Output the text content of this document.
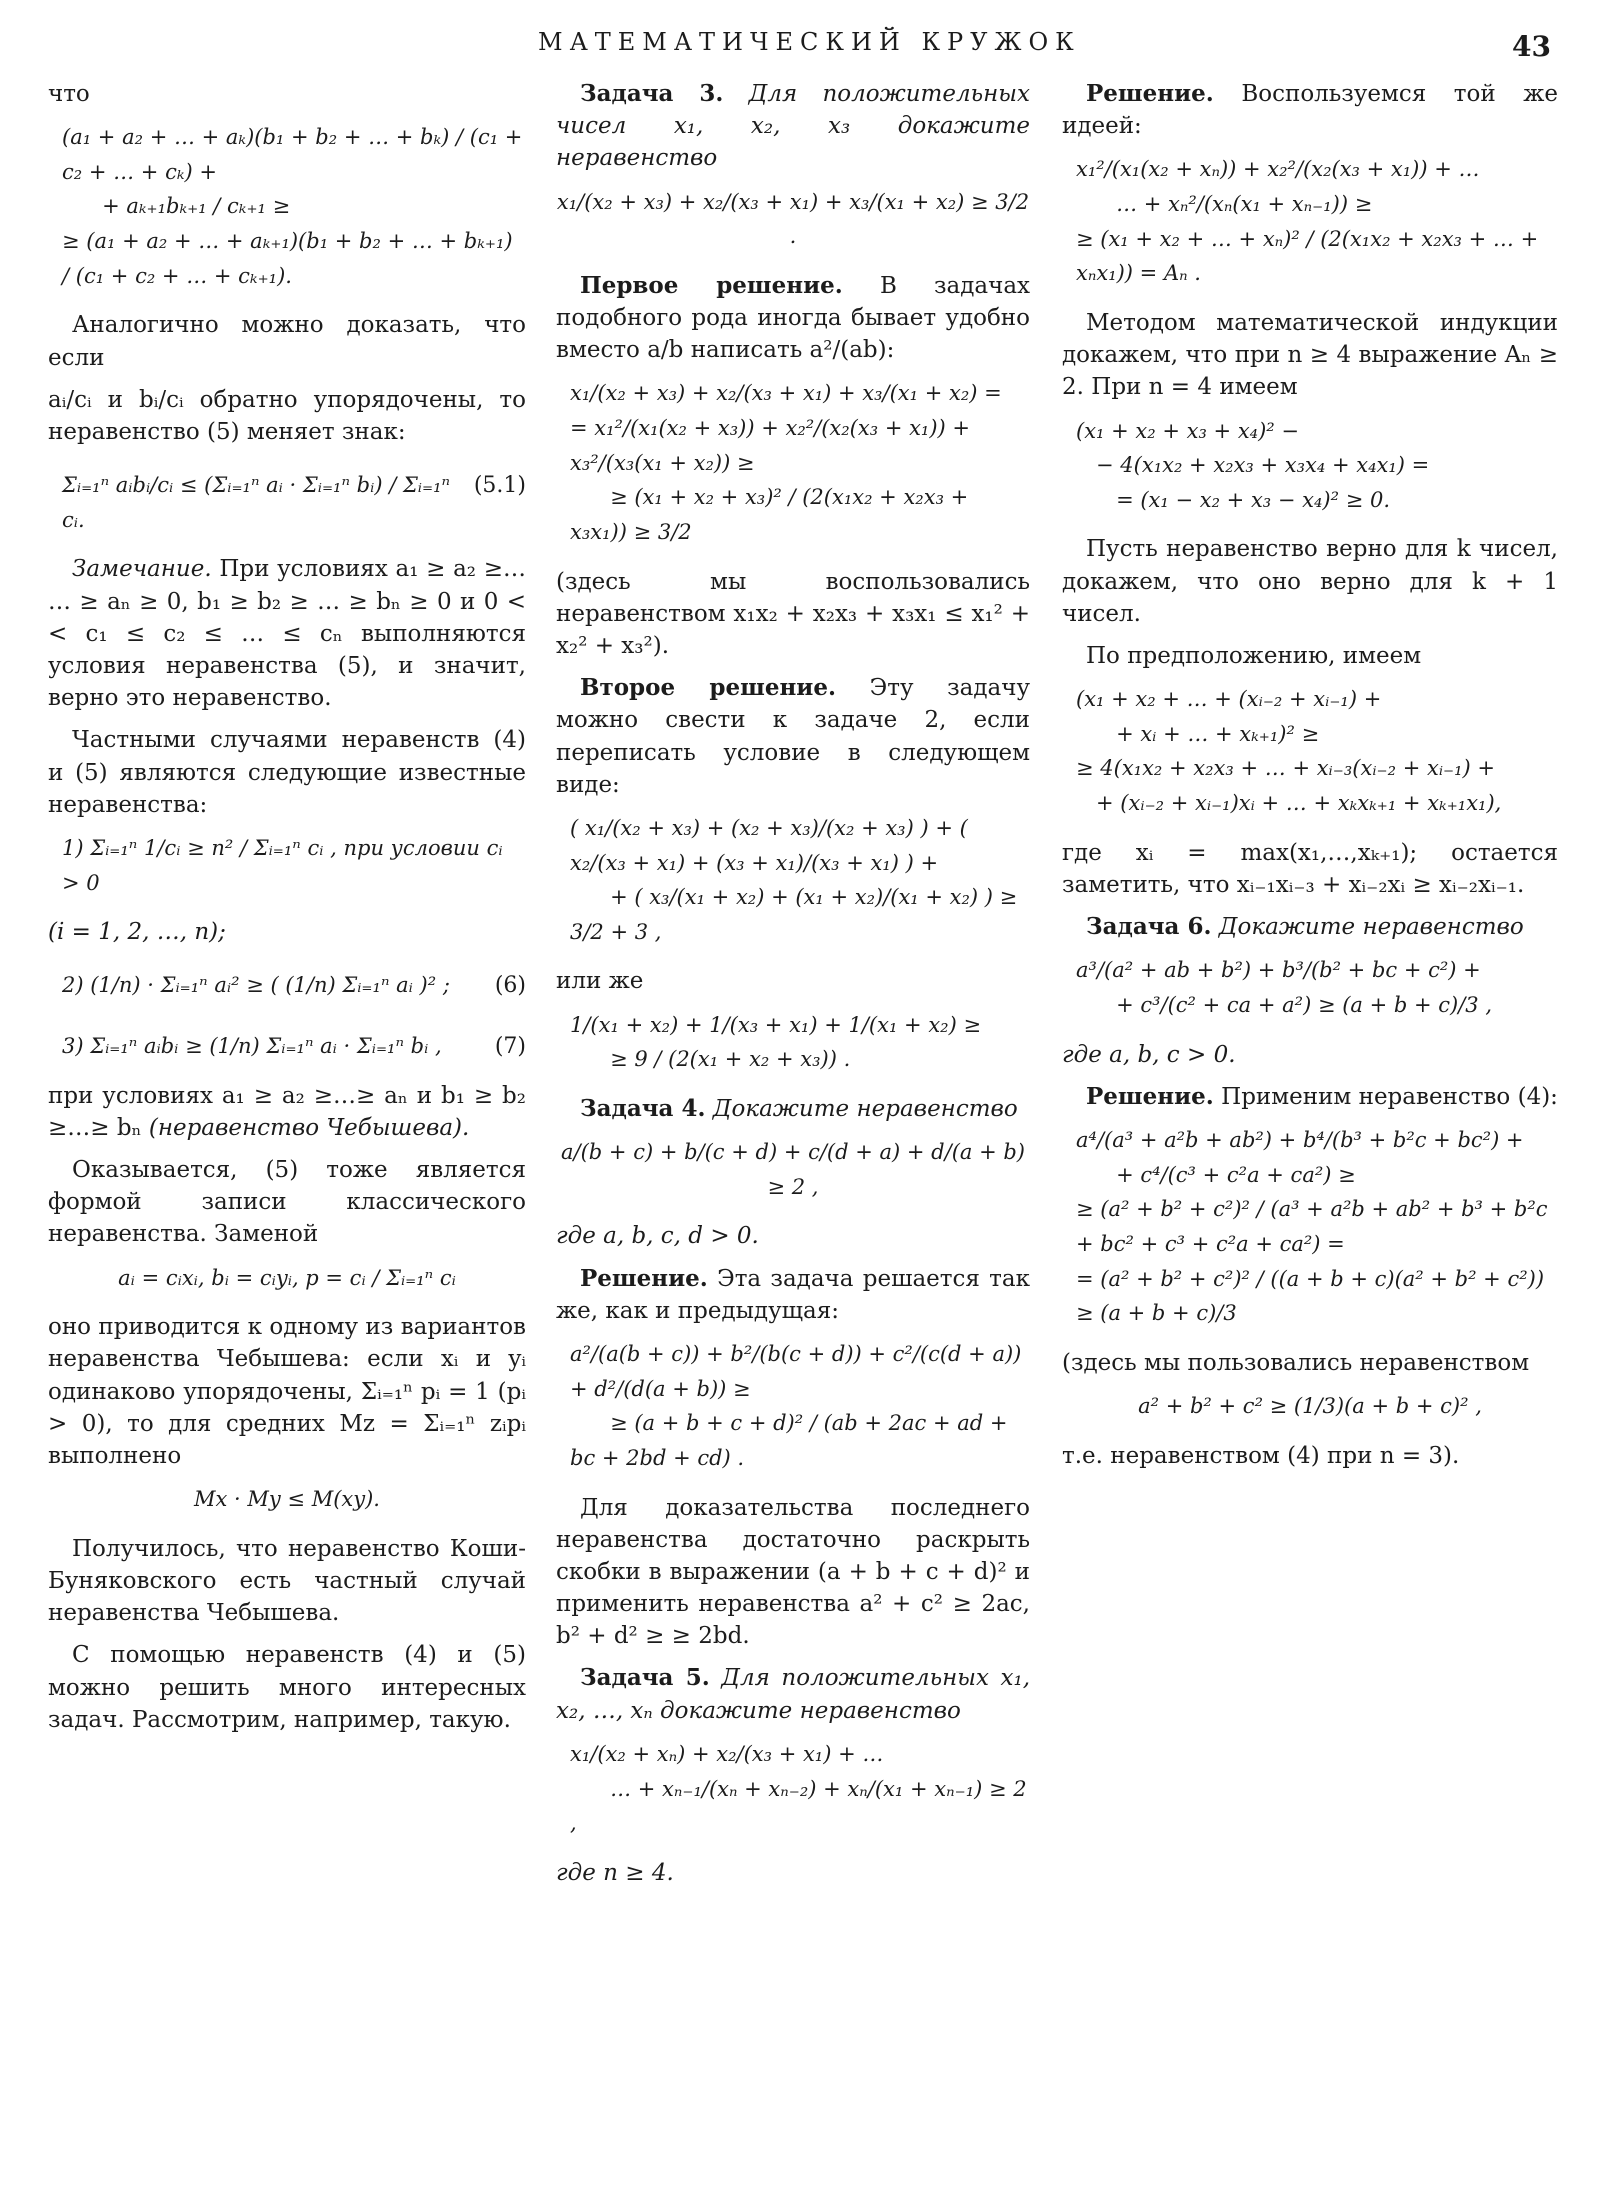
МАТЕМАТИЧЕСКИЙ КРУЖОК	43

что

(a₁ + a₂ + … + aₖ)(b₁ + b₂ + … + bₖ) / (c₁ + c₂ + … + cₖ) +
+ aₖ₊₁bₖ₊₁ / cₖ₊₁ ≥
≥ (a₁ + a₂ + … + aₖ₊₁)(b₁ + b₂ + … + bₖ₊₁) / (c₁ + c₂ + … + cₖ₊₁).

Аналогично можно доказать, что если

aᵢ/cᵢ и bᵢ/cᵢ обратно упорядочены, то неравенство (5) меняет знак:

Σᵢ₌₁ⁿ aᵢbᵢ/cᵢ ≤ (Σᵢ₌₁ⁿ aᵢ · Σᵢ₌₁ⁿ bᵢ) / Σᵢ₌₁ⁿ cᵢ.
(5.1)

Замечание. При условиях a₁ ≥ a₂ ≥… … ≥ aₙ ≥ 0, b₁ ≥ b₂ ≥ … ≥ bₙ ≥ 0 и 0 < < c₁ ≤ c₂ ≤ … ≤ cₙ выполняются условия неравенства (5), и значит, верно это неравенство.

Частными случаями неравенств (4) и (5) являются следующие известные неравенства:

1) Σᵢ₌₁ⁿ 1/cᵢ ≥ n² / Σᵢ₌₁ⁿ cᵢ , при условии cᵢ > 0

(i = 1, 2, …, n);

2) (1/n) · Σᵢ₌₁ⁿ aᵢ² ≥ ( (1/n) Σᵢ₌₁ⁿ aᵢ )² ; (6)
3) Σᵢ₌₁ⁿ aᵢbᵢ ≥ (1/n) Σᵢ₌₁ⁿ aᵢ · Σᵢ₌₁ⁿ bᵢ , (7)

при условиях a₁ ≥ a₂ ≥…≥ aₙ и b₁ ≥ b₂ ≥…≥ bₙ (неравенство Чебышева).

Оказывается, (5) тоже является формой записи классического неравенства. Заменой

aᵢ = cᵢxᵢ, bᵢ = cᵢyᵢ, p = cᵢ / Σᵢ₌₁ⁿ cᵢ

оно приводится к одному из вариантов неравенства Чебышева: если xᵢ и yᵢ одинаково упорядочены, Σᵢ₌₁ⁿ pᵢ = 1 (pᵢ > 0), то для средних Mz = Σᵢ₌₁ⁿ zᵢpᵢ выполнено

Mx · My ≤ M(xy).

Получилось, что неравенство Коши-Буняковского есть частный случай неравенства Чебышева.

С помощью неравенств (4) и (5) можно решить много интересных задач. Рассмотрим, например, такую.

Задача 3. Для положительных чисел x₁, x₂, x₃ докажите неравенство

x₁/(x₂ + x₃) + x₂/(x₃ + x₁) + x₃/(x₁ + x₂) ≥ 3/2 .

Первое решение. В задачах подобного рода иногда бывает удобно вместо a/b написать a²/(ab):

x₁/(x₂ + x₃) + x₂/(x₃ + x₁) + x₃/(x₁ + x₂) =
= x₁²/(x₁(x₂ + x₃)) + x₂²/(x₂(x₃ + x₁)) + x₃²/(x₃(x₁ + x₂)) ≥
≥ (x₁ + x₂ + x₃)² / (2(x₁x₂ + x₂x₃ + x₃x₁)) ≥ 3/2

(здесь мы воспользовались неравенством x₁x₂ + x₂x₃ + x₃x₁ ≤ x₁² + x₂² + x₃²).

Второе решение. Эту задачу можно свести к задаче 2, если переписать условие в следующем виде:

( x₁/(x₂ + x₃) + (x₂ + x₃)/(x₂ + x₃) ) + ( x₂/(x₃ + x₁) + (x₃ + x₁)/(x₃ + x₁) ) +
+ ( x₃/(x₁ + x₂) + (x₁ + x₂)/(x₁ + x₂) ) ≥ 3/2 + 3 ,

или же

1/(x₁ + x₂) + 1/(x₃ + x₁) + 1/(x₁ + x₂) ≥
≥ 9 / (2(x₁ + x₂ + x₃)) .

Задача 4. Докажите неравенство

a/(b + c) + b/(c + d) + c/(d + a) + d/(a + b) ≥ 2 ,

где a, b, c, d > 0.

Решение. Эта задача решается так же, как и предыдущая:

a²/(a(b + c)) + b²/(b(c + d)) + c²/(c(d + a)) + d²/(d(a + b)) ≥
≥ (a + b + c + d)² / (ab + 2ac + ad + bc + 2bd + cd) .

Для доказательства последнего неравенства достаточно раскрыть скобки в выражении (a + b + c + d)² и применить неравенства a² + c² ≥ 2ac, b² + d² ≥ ≥ 2bd.

Задача 5. Для положительных x₁, x₂, …, xₙ докажите неравенство

x₁/(x₂ + xₙ) + x₂/(x₃ + x₁) + …
… + xₙ₋₁/(xₙ + xₙ₋₂) + xₙ/(x₁ + xₙ₋₁) ≥ 2 ,

где n ≥ 4.

Решение. Воспользуемся той же идеей:

x₁²/(x₁(x₂ + xₙ)) + x₂²/(x₂(x₃ + x₁)) + …
… + xₙ²/(xₙ(x₁ + xₙ₋₁)) ≥
≥ (x₁ + x₂ + … + xₙ)² / (2(x₁x₂ + x₂x₃ + … + xₙx₁)) = Aₙ .

Методом математической индукции докажем, что при n ≥ 4 выражение Aₙ ≥ 2. При n = 4 имеем

(x₁ + x₂ + x₃ + x₄)² −
− 4(x₁x₂ + x₂x₃ + x₃x₄ + x₄x₁) =
= (x₁ − x₂ + x₃ − x₄)² ≥ 0.

Пусть неравенство верно для k чисел, докажем, что оно верно для k + 1 чисел.

По предположению, имеем

(x₁ + x₂ + … + (xᵢ₋₂ + xᵢ₋₁) +
+ xᵢ + … + xₖ₊₁)² ≥
≥ 4(x₁x₂ + x₂x₃ + … + xᵢ₋₃(xᵢ₋₂ + xᵢ₋₁) +
+ (xᵢ₋₂ + xᵢ₋₁)xᵢ + … + xₖxₖ₊₁ + xₖ₊₁x₁),

где xᵢ = max(x₁,…,xₖ₊₁); остается заметить, что xᵢ₋₁xᵢ₋₃ + xᵢ₋₂xᵢ ≥ xᵢ₋₂xᵢ₋₁.

Задача 6. Докажите неравенство

a³/(a² + ab + b²) + b³/(b² + bc + c²) +
+ c³/(c² + ca + a²) ≥ (a + b + c)/3 ,

где a, b, c > 0.

Решение. Применим неравенство (4):

a⁴/(a³ + a²b + ab²) + b⁴/(b³ + b²c + bc²) +
+ c⁴/(c³ + c²a + ca²) ≥
≥ (a² + b² + c²)² / (a³ + a²b + ab² + b³ + b²c + bc² + c³ + c²a + ca²) =
= (a² + b² + c²)² / ((a + b + c)(a² + b² + c²)) ≥ (a + b + c)/3

(здесь мы пользовались неравенством

a² + b² + c² ≥ (1/3)(a + b + c)² ,

т.е. неравенством (4) при n = 3).
